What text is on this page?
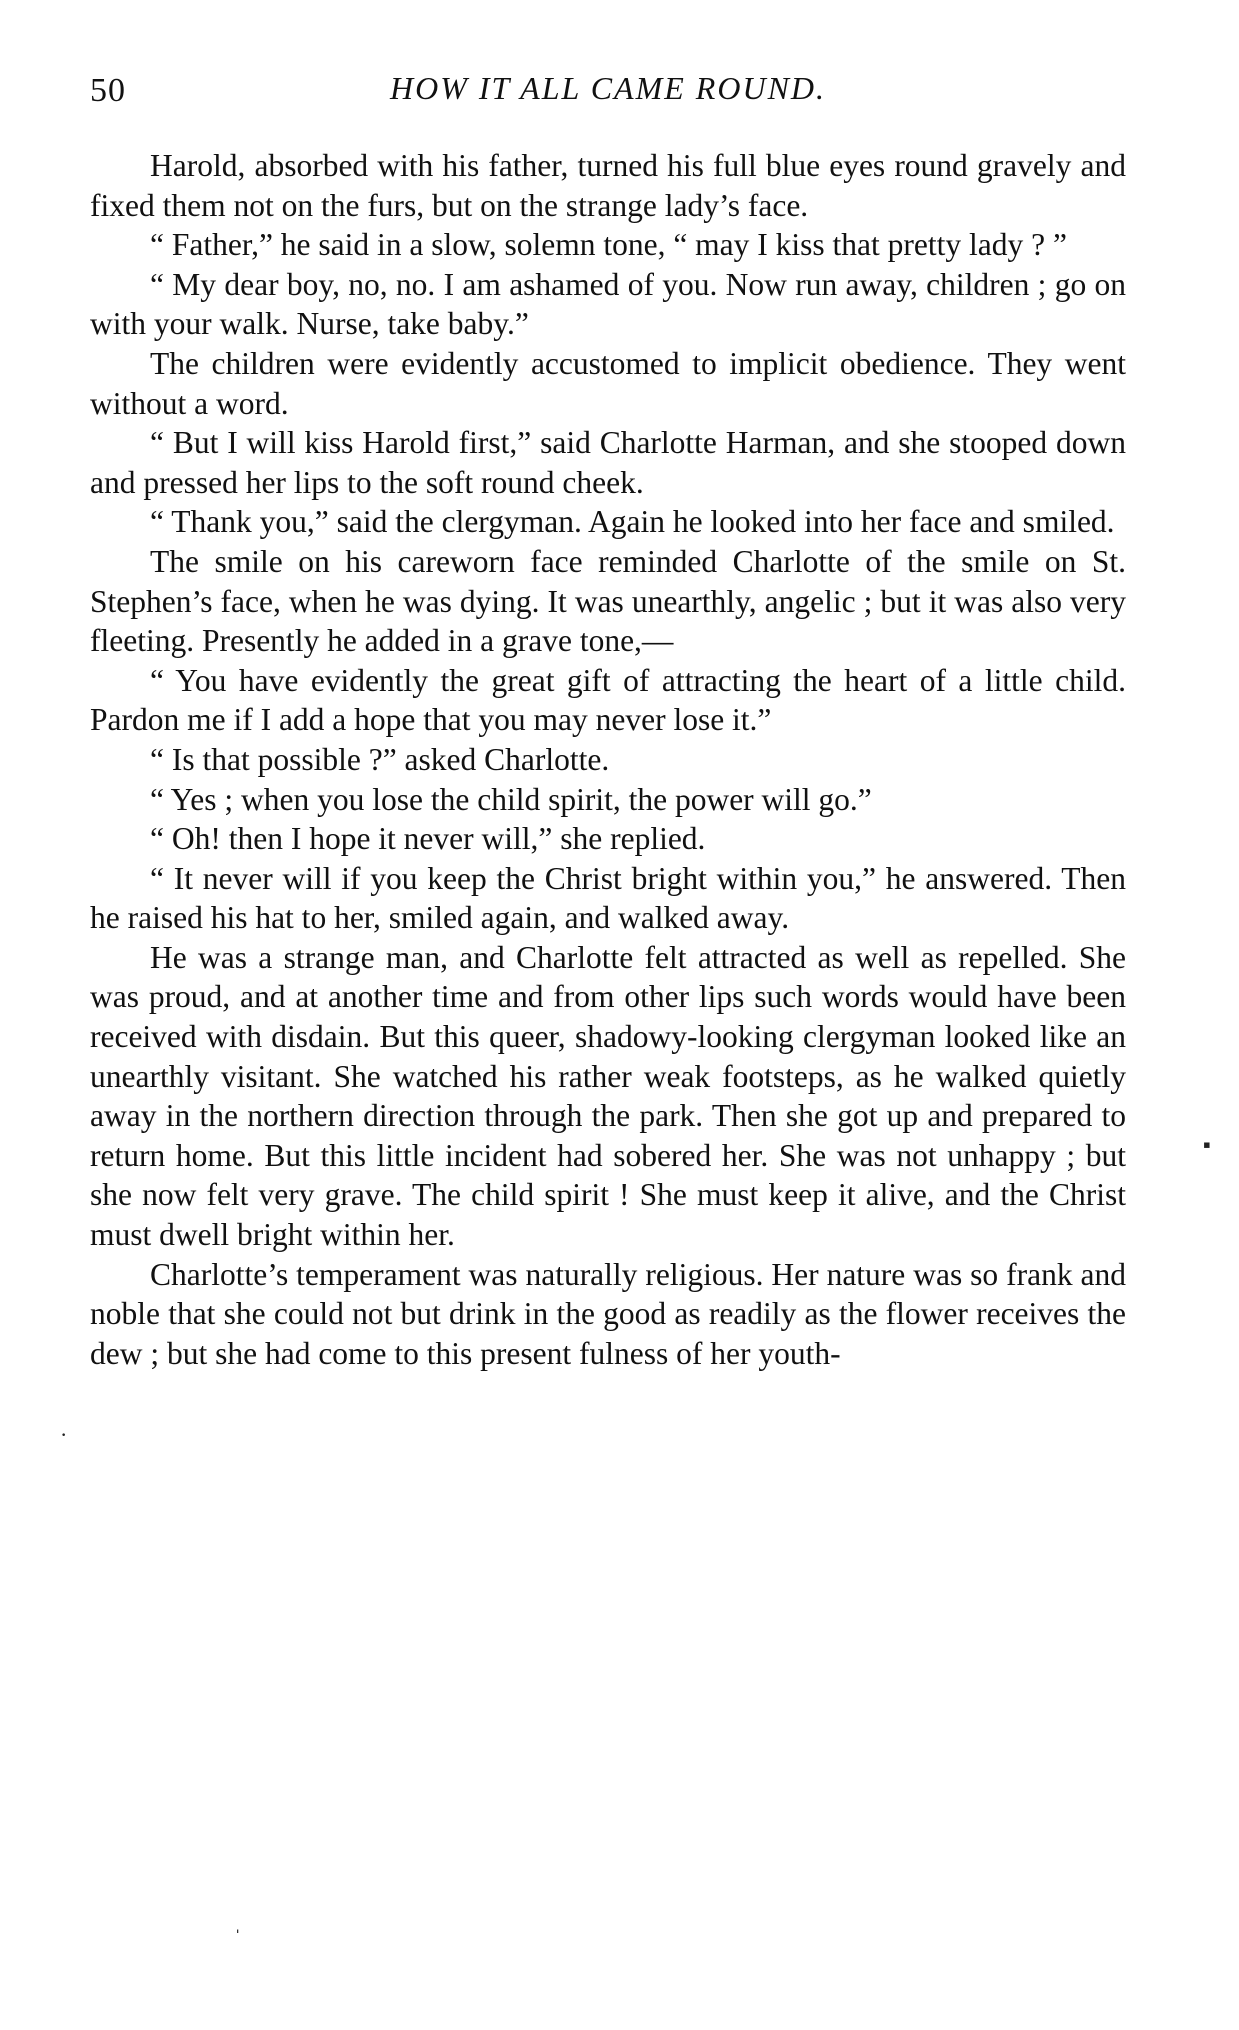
50	HOW IT ALL CAME ROUND.

Harold, absorbed with his father, turned his full blue eyes round gravely and fixed them not on the furs, but on the strange lady’s face.

“ Father,” he said in a slow, solemn tone, “ may I kiss that pretty lady ? ”

“ My dear boy, no, no. I am ashamed of you. Now run away, children ; go on with your walk. Nurse, take baby.”

The children were evidently accustomed to implicit obedience. They went without a word.

“ But I will kiss Harold first,” said Charlotte Harman, and she stooped down and pressed her lips to the soft round cheek.

“ Thank you,” said the clergyman. Again he looked into her face and smiled.

The smile on his careworn face reminded Charlotte of the smile on St. Stephen’s face, when he was dying. It was unearthly, angelic ; but it was also very fleeting. Presently he added in a grave tone,—

“ You have evidently the great gift of attracting the heart of a little child. Pardon me if I add a hope that you may never lose it.”

“ Is that possible ?” asked Charlotte.

“ Yes ; when you lose the child spirit, the power will go.”

“ Oh! then I hope it never will,” she replied.

“ It never will if you keep the Christ bright within you,” he answered. Then he raised his hat to her, smiled again, and walked away.

He was a strange man, and Charlotte felt attracted as well as repelled. She was proud, and at another time and from other lips such words would have been received with disdain. But this queer, shadowy-looking clergyman looked like an unearthly visitant. She watched his rather weak footsteps, as he walked quietly away in the northern direction through the park. Then she got up and prepared to return home. But this little incident had sobered her. She was not unhappy ; but she now felt very grave. The child spirit ! She must keep it alive, and the Christ must dwell bright within her.

Charlotte’s temperament was naturally religious. Her nature was so frank and noble that she could not but drink in the good as readily as the flower receives the dew ; but she had come to this present fulness of her youth-

▪
ˈ
·
